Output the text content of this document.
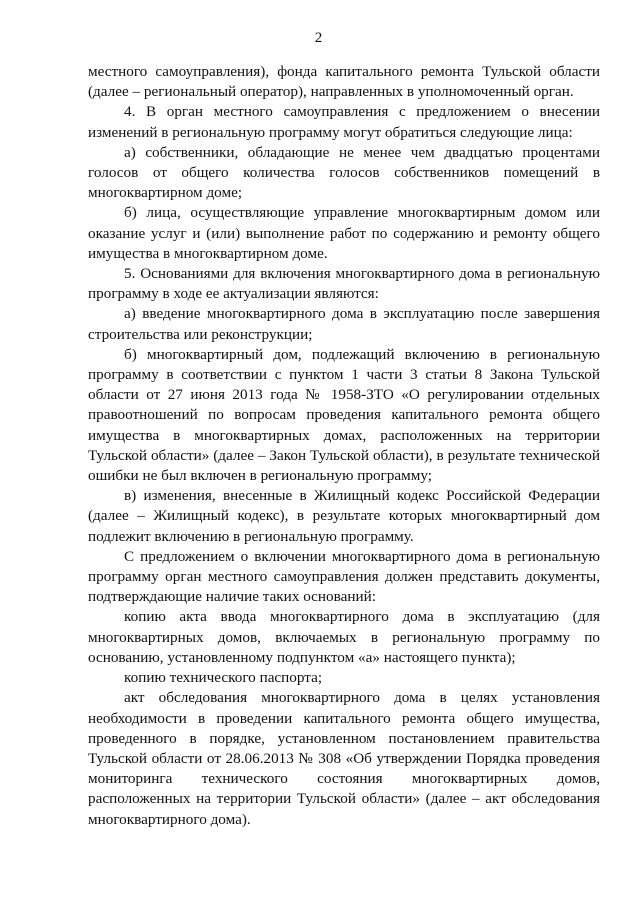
2

местного самоуправления), фонда капитального ремонта Тульской области (далее – региональный оператор), направленных в уполномоченный орган.

4. В орган местного самоуправления с предложением о внесении изменений в региональную программу могут обратиться следующие лица:

а) собственники, обладающие не менее чем двадцатью процентами голосов от общего количества голосов собственников помещений в многоквартирном доме;

б) лица, осуществляющие управление многоквартирным домом или оказание услуг и (или) выполнение работ по содержанию и ремонту общего имущества в многоквартирном доме.

5. Основаниями для включения многоквартирного дома в региональную программу в ходе ее актуализации являются:

а) введение многоквартирного дома в эксплуатацию после завершения строительства или реконструкции;

б) многоквартирный дом, подлежащий включению в региональную программу в соответствии с пунктом 1 части 3 статьи 8 Закона Тульской области от 27 июня 2013 года № 1958-ЗТО «О регулировании отдельных правоотношений по вопросам проведения капитального ремонта общего имущества в многоквартирных домах, расположенных на территории Тульской области» (далее – Закон Тульской области), в результате технической ошибки не был включен в региональную программу;

в) изменения, внесенные в Жилищный кодекс Российской Федерации (далее – Жилищный кодекс), в результате которых многоквартирный дом подлежит включению в региональную программу.

С предложением о включении многоквартирного дома в региональную программу орган местного самоуправления должен представить документы, подтверждающие наличие таких оснований:

копию акта ввода многоквартирного дома в эксплуатацию (для многоквартирных домов, включаемых в региональную программу по основанию, установленному подпунктом «а» настоящего пункта);

копию технического паспорта;

акт обследования многоквартирного дома в целях установления необходимости в проведении капитального ремонта общего имущества, проведенного в порядке, установленном постановлением правительства Тульской области от 28.06.2013 № 308 «Об утверждении Порядка проведения мониторинга технического состояния многоквартирных домов, расположенных на территории Тульской области» (далее – акт обследования многоквартирного дома).
